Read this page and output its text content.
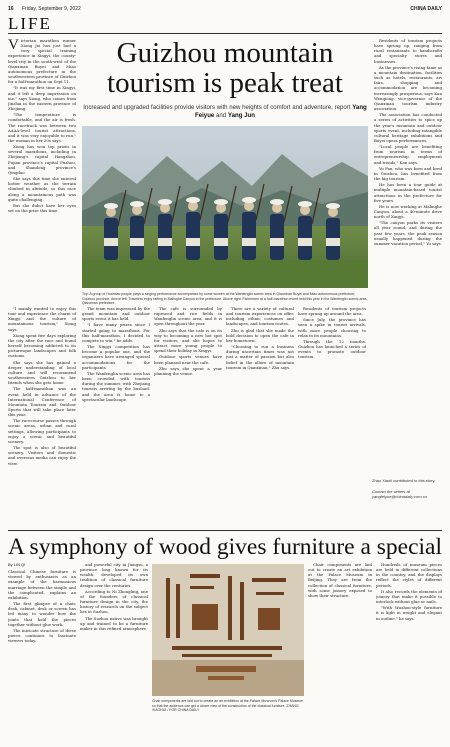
16 Friday, September 9, 2022	CHINA DAILY
LIFE

Victorian marathon runner Xiong Jia has just had a very special training experience in Xingyi, the county-level city in the south-west of the Qianxinan Buyei and Miao autonomous prefecture in the southwestern province of Guizhou for a half-marathon on Sept 11.

"It was my first time in Xingyi, and it left a deep impression on me," says Xiong, who comes from Jinzhai in the eastern province of Zhejiang.

"The temperature is comfortable, and the air is fresh. The racetrack was between two AAAA-level tourist attractions, and it was very enjoyable to run," the woman in her 20s says.

Xiong has won top prizes in several marathons, including in Zhejiang's capital Hangzhou, Fujian province's capital Fuzhou, and Shandong province's Qingdao.

She says this time she entered hotter weather as the terrain climbed in altitude, so this race along a mountainous path was quite challenging.

But she didn't have her eyes set on the prize this time.

Guizhou mountain tourism is peak treat
Increased and upgraded facilities provide visitors with new heights of comfort and adventure, report Yang Feiyue and Yang Jun

Residents of tourism projects have sprung up, ranging from rural restaurants to handicrafts and specialty stores and businesses.

As the province's rising fame as a mountain destination, facilities such as hotels, restaurants, art fairs, shopping and accommodation are becoming increasingly prosperous, says Kan Wenqiong, vice-governor of the Qianxinan tourism industry association.

The association has conducted a series of activities to spice up the year's mountain and outdoor sports event, including intangible cultural heritage exhibitions and Buyei opera performances.

"Local people are benefiting from tourism in terms of entrepreneurship, employment and trends," Kan says.

Yu Fan, who was born and bred in Guizhou, has benefited from the big tourism.

He has been a tour guide at multiple mountain-based tourist attractions in the prefecture for five years.

He is now working at Malinghe Canyon, about a 40-minute drive north of Xingyi.

"The canyon parks its visitors all year round, and during the past few years, the peak season usually happened during the summer vacation period," Yu says.

Top: A group of Huamiao people plays a singing performance accompanied by some women at the Wanfenglin scenic area in Qianxinan Buyei and Miao autonomous prefecture, Guizhou province. Above left: Travelers enjoy rafting in Malinghe Canyon in the prefecture. Above right: Fishermen at a half-marathon event held this year in the Wanfenglin scenic area, Qianxinan prefecture.

"I mainly wanted to enjoy this tour and experience the charm of Xingyi and the culture of mountainous tourism," Xiong says.

Xiong spent five days exploring the city after the race and found herself becoming addicted to its picturesque landscapes and folk customs.

She says she has gained a deeper understanding of local culture and will recommend southwestern Guizhou to her friends when she gets home.

The half-marathon was an event held in advance of the International Conference of Mountain Tourism and Outdoor Sports that will take place later this year.

The racecourse passes through scenic areas, urban and rural settings, allowing participants to enjoy a scenic and beautiful scenery.

The spot is also of beautiful scenery. Visitors and domestic and overseas media can enjoy the view.

The team was impressed by the grand mountain and outdoor sports event it has held.

"I have many prizes since I started going to marathons. For this half-marathon, I decided to compete to win," he adds.

The Xingyi competition has become a popular one, and the organizers have arranged special accommodations for the participants.

The Wanfenglin scenic area has been crowded with tourists during the summer, with Zhejiang tourists arriving by the busload, and the area is home to a spectacular landscape.

The cafe is surrounded by rapeseed and rice fields in Wanfenglin scenic area, and it is open throughout the year.

Zhu says that the cafe is on its way to becoming a new hot spot for visitors, and she hopes to attract more young people to spend their holiday in Xingyi.

Outdoor sports venues have been planned near the cafe.

Zhu says she spent a year planning the venue.

There are a variety of cultural and tourism experiences on offer, including ethnic costumes and landscapes, and tourism routes.

Zhu is glad that she made the bold decision to open the cafe in her hometown.

"Choosing to run a business during uncertain times was not just a matter of passion but also belief in the allure of mountain tourism in Qianxinan," Zhu says.

Residents of tourism projects have sprung up around the area.

Since July, the province has seen a spike in tourist arrivals, with more people choosing to relax in its mountains.

Through the 12 months, Guizhou has launched a series of events to promote outdoor tourism.

Zhao Xiaoli contributed to this story.
Contact the writers at yangfeiyue@chinadaily.com.cn
A symphony of wood gives furniture a special

By LIN QI

Classical Chinese furniture is viewed by enthusiasts as an example of the harmonious marriage between the simple and the complicated, explains an exhibition.

The first glimpse of a chair, desk, cabinet, desk or screen has led many to wonder how the joints that hold the pieces together without glue work.

The intricate structure of these pieces continues to fascinate viewers today.

and powerful city in Jiangsu, a province long known for its wealth, developed its own tradition of classical furniture design over the centuries.

According to Ni Zhongling, one of the founders of classical furniture design in the city, the history of research on the subject lies in Suzhou.

The Suzhou native was brought up and trained to be a furniture maker in this refined atmosphere.

Chair components are laid out to create an art exhibition at the Palace Museum's Palace Museum so that the audience can get a closer view of the construction of the classical furniture. ZHANG XIAOHUI / FOR CHINA DAILY

Chair components are laid out to create an art exhibition at the Palace Museum in Beijing. They are from the collection of classical furniture, with some joinery exposed to show their structure.

Hundreds of museum pieces are held in different collections in the country, and the displays reflect the styles of different periods.

It also records the elements of joinery that make it possible to interlock without glue or nails.

"With Wuzhou-style furniture it is light in weight and elegant in outline," he says.
